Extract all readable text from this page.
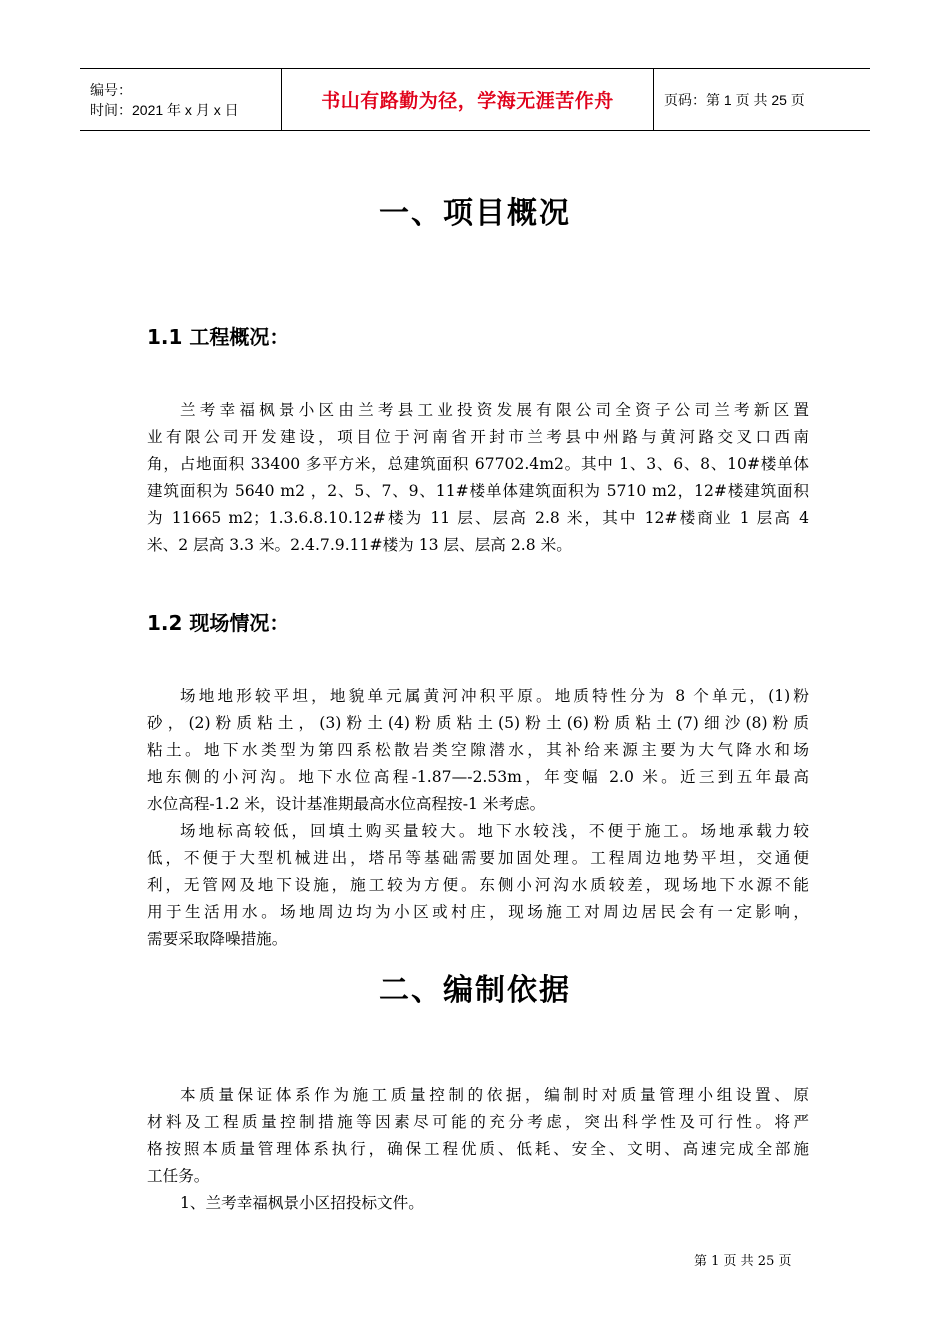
编号：
时间：2021 年 x 月 x 日	书山有路勤为径，学海无涯苦作舟	页码：第 1 页 共 25 页
一、项目概况
1.1 工程概况：
兰考幸福枫景小区由兰考县工业投资发展有限公司全资子公司兰考新区置
业有限公司开发建设，项目位于河南省开封市兰考县中州路与黄河路交叉口西南
角，占地面积 33400 多平方米，总建筑面积 67702.4m2。其中 1、3、6、8、10#楼单体
建筑面积为 5640 m2 ，2、5、7、9、11#楼单体建筑面积为 5710 m2，12#楼建筑面积
为 11665 m2；1.3.6.8.10.12#楼为 11 层、层高 2.8 米，其中 12#楼商业 1 层高 4
米、2 层高 3.3 米。2.4.7.9.11#楼为 13 层、层高 2.8 米。
1.2 现场情况：
场地地形较平坦，地貌单元属黄河冲积平原。地质特性分为 8 个单元，(1)粉
砂，(2)粉质粘土，(3)粉土(4)粉质粘土(5)粉土(6)粉质粘土(7)细沙(8)粉质
粘土。地下水类型为第四系松散岩类空隙潜水，其补给来源主要为大气降水和场
地东侧的小河沟。地下水位高程-1.87—-2.53m，年变幅 2.0 米。近三到五年最高
水位高程-1.2 米，设计基准期最高水位高程按-1 米考虑。
场地标高较低，回填土购买量较大。地下水较浅，不便于施工。场地承载力较
低，不便于大型机械进出，塔吊等基础需要加固处理。工程周边地势平坦，交通便
利，无管网及地下设施，施工较为方便。东侧小河沟水质较差，现场地下水源不能
用于生活用水。场地周边均为小区或村庄，现场施工对周边居民会有一定影响，
需要采取降噪措施。
二、编制依据
本质量保证体系作为施工质量控制的依据，编制时对质量管理小组设置、原
材料及工程质量控制措施等因素尽可能的充分考虑，突出科学性及可行性。将严
格按照本质量管理体系执行，确保工程优质、低耗、安全、文明、高速完成全部施
工任务。
1、兰考幸福枫景小区招投标文件。
第 1 页 共 25 页
